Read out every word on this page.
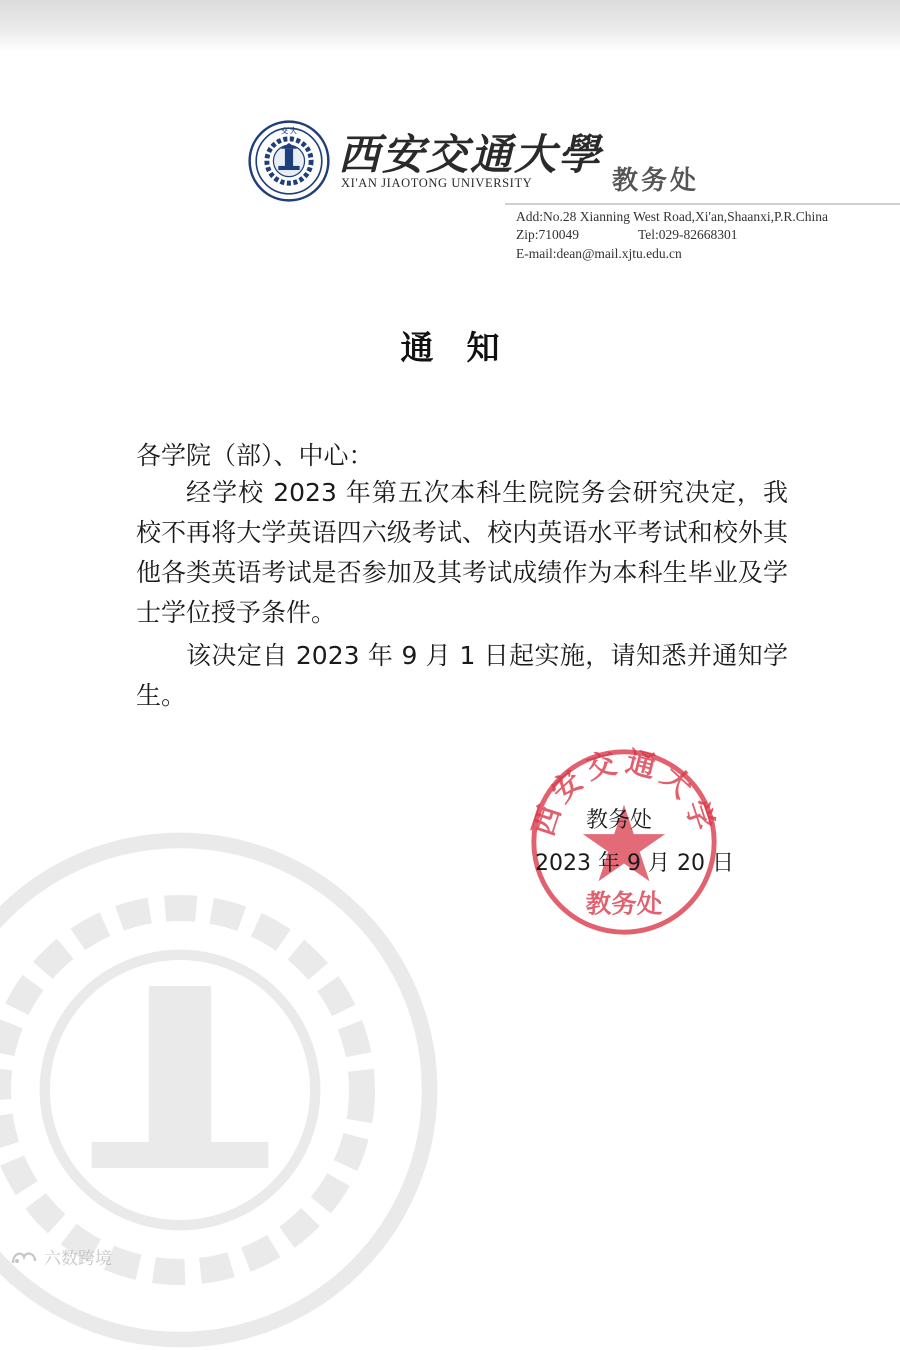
交 大 西安交通大學
XI'AN JIAOTONG UNIVERSITY	教务处
Add:No.28 Xianning West Road,Xi'an,Shaanxi,P.R.China
Zip:710049	Tel:029-82668301
E-mail:dean@mail.xjtu.edu.cn
通　知
各学院（部）、中心：
经学校 2023 年第五次本科生院院务会研究决定，我校不再将大学英语四六级考试、校内英语水平考试和校外其他各类英语考试是否参加及其考试成绩作为本科生毕业及学士学位授予条件。
该决定自 2023 年 9 月 1 日起实施，请知悉并通知学生。
西安交通大学
教务处
教务处
2023 年 9 月 20 日
六数跨境
